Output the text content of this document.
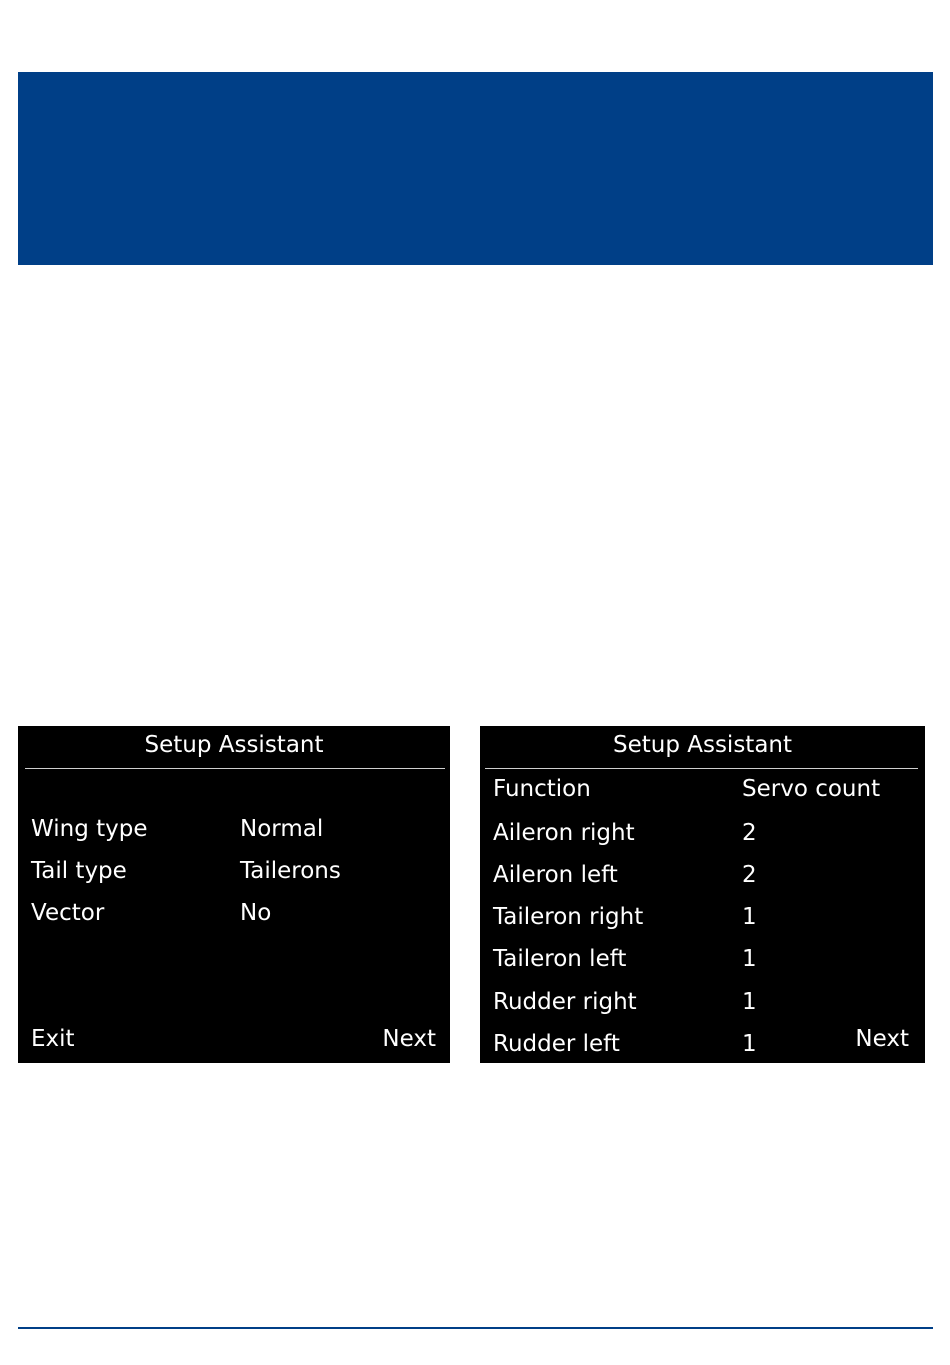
Setup Assistant
Wing type	Normal
Tail type	Tailerons
Vector	No
Exit	Next
Setup Assistant
Function	Servo count
Aileron right	2
Aileron left	2
Taileron right	1
Taileron left	1
Rudder right	1
Rudder left	1	Next
